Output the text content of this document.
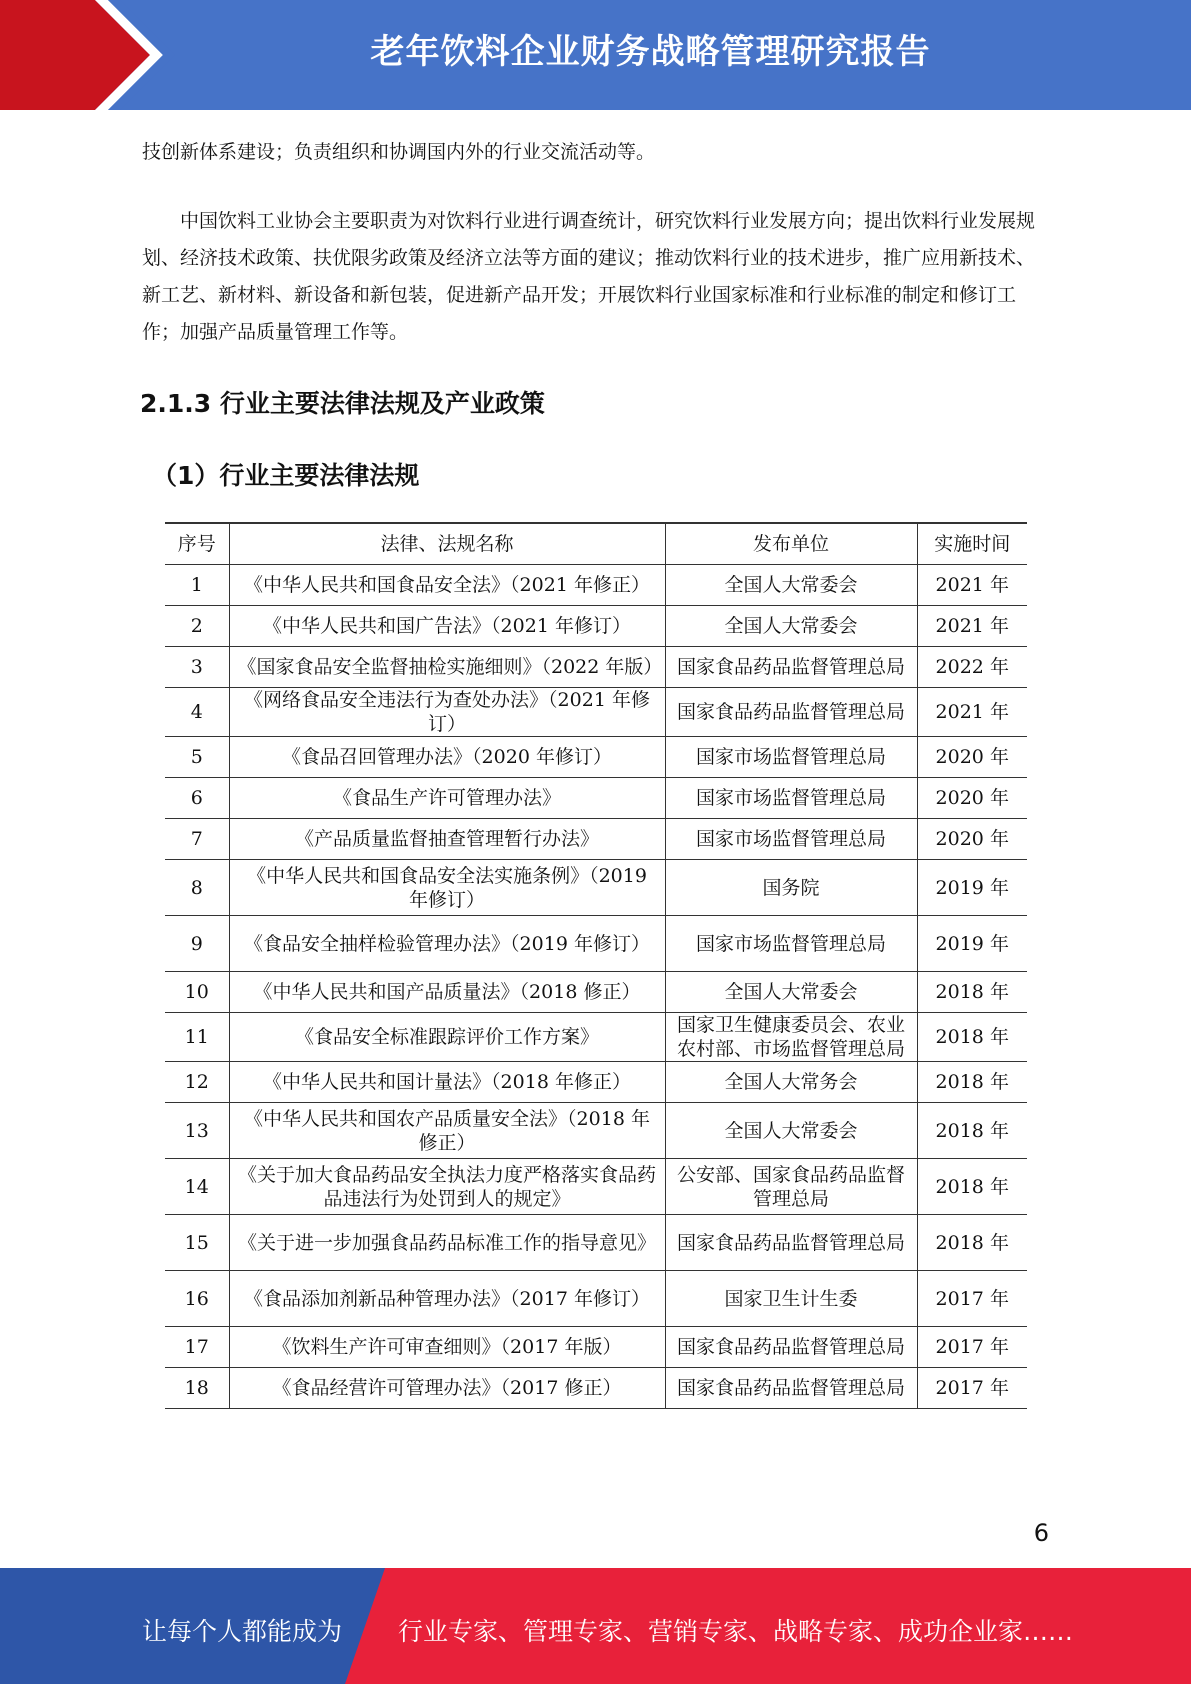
老年饮料企业财务战略管理研究报告
技创新体系建设；负责组织和协调国内外的行业交流活动等。
中国饮料工业协会主要职责为对饮料行业进行调查统计，研究饮料行业发展方向；提出饮料行业发展规划、经济技术政策、扶优限劣政策及经济立法等方面的建议；推动饮料行业的技术进步，推广应用新技术、新工艺、新材料、新设备和新包装，促进新产品开发；开展饮料行业国家标准和行业标准的制定和修订工作；加强产品质量管理工作等。
2.1.3 行业主要法律法规及产业政策
（1）行业主要法律法规
序号	法律、法规名称	发布单位	实施时间
1	《中华人民共和国食品安全法》（2021 年修正）	全国人大常委会	2021 年
2	《中华人民共和国广告法》（2021 年修订）	全国人大常委会	2021 年
3	《国家食品安全监督抽检实施细则》（2022 年版）	国家食品药品监督管理总局	2022 年
4	《网络食品安全违法行为查处办法》（2021 年修订）	国家食品药品监督管理总局	2021 年
5	《食品召回管理办法》（2020 年修订）	国家市场监督管理总局	2020 年
6	《食品生产许可管理办法》	国家市场监督管理总局	2020 年
7	《产品质量监督抽查管理暂行办法》	国家市场监督管理总局	2020 年
8	《中华人民共和国食品安全法实施条例》（2019 年修订）	国务院	2019 年
9	《食品安全抽样检验管理办法》（2019 年修订）	国家市场监督管理总局	2019 年
10	《中华人民共和国产品质量法》（2018 修正）	全国人大常委会	2018 年
11	《食品安全标准跟踪评价工作方案》	国家卫生健康委员会、农业农村部、市场监督管理总局	2018 年
12	《中华人民共和国计量法》（2018 年修正）	全国人大常务会	2018 年
13	《中华人民共和国农产品质量安全法》（2018 年修正）	全国人大常委会	2018 年
14	《关于加大食品药品安全执法力度严格落实食品药品违法行为处罚到人的规定》	公安部、国家食品药品监督管理总局	2018 年
15	《关于进一步加强食品药品标准工作的指导意见》	国家食品药品监督管理总局	2018 年
16	《食品添加剂新品种管理办法》（2017 年修订）	国家卫生计生委	2017 年
17	《饮料生产许可审查细则》（2017 年版）	国家食品药品监督管理总局	2017 年
18	《食品经营许可管理办法》（2017 修正）	国家食品药品监督管理总局	2017 年
6
让每个人都能成为 行业专家、管理专家、营销专家、战略专家、成功企业家……
